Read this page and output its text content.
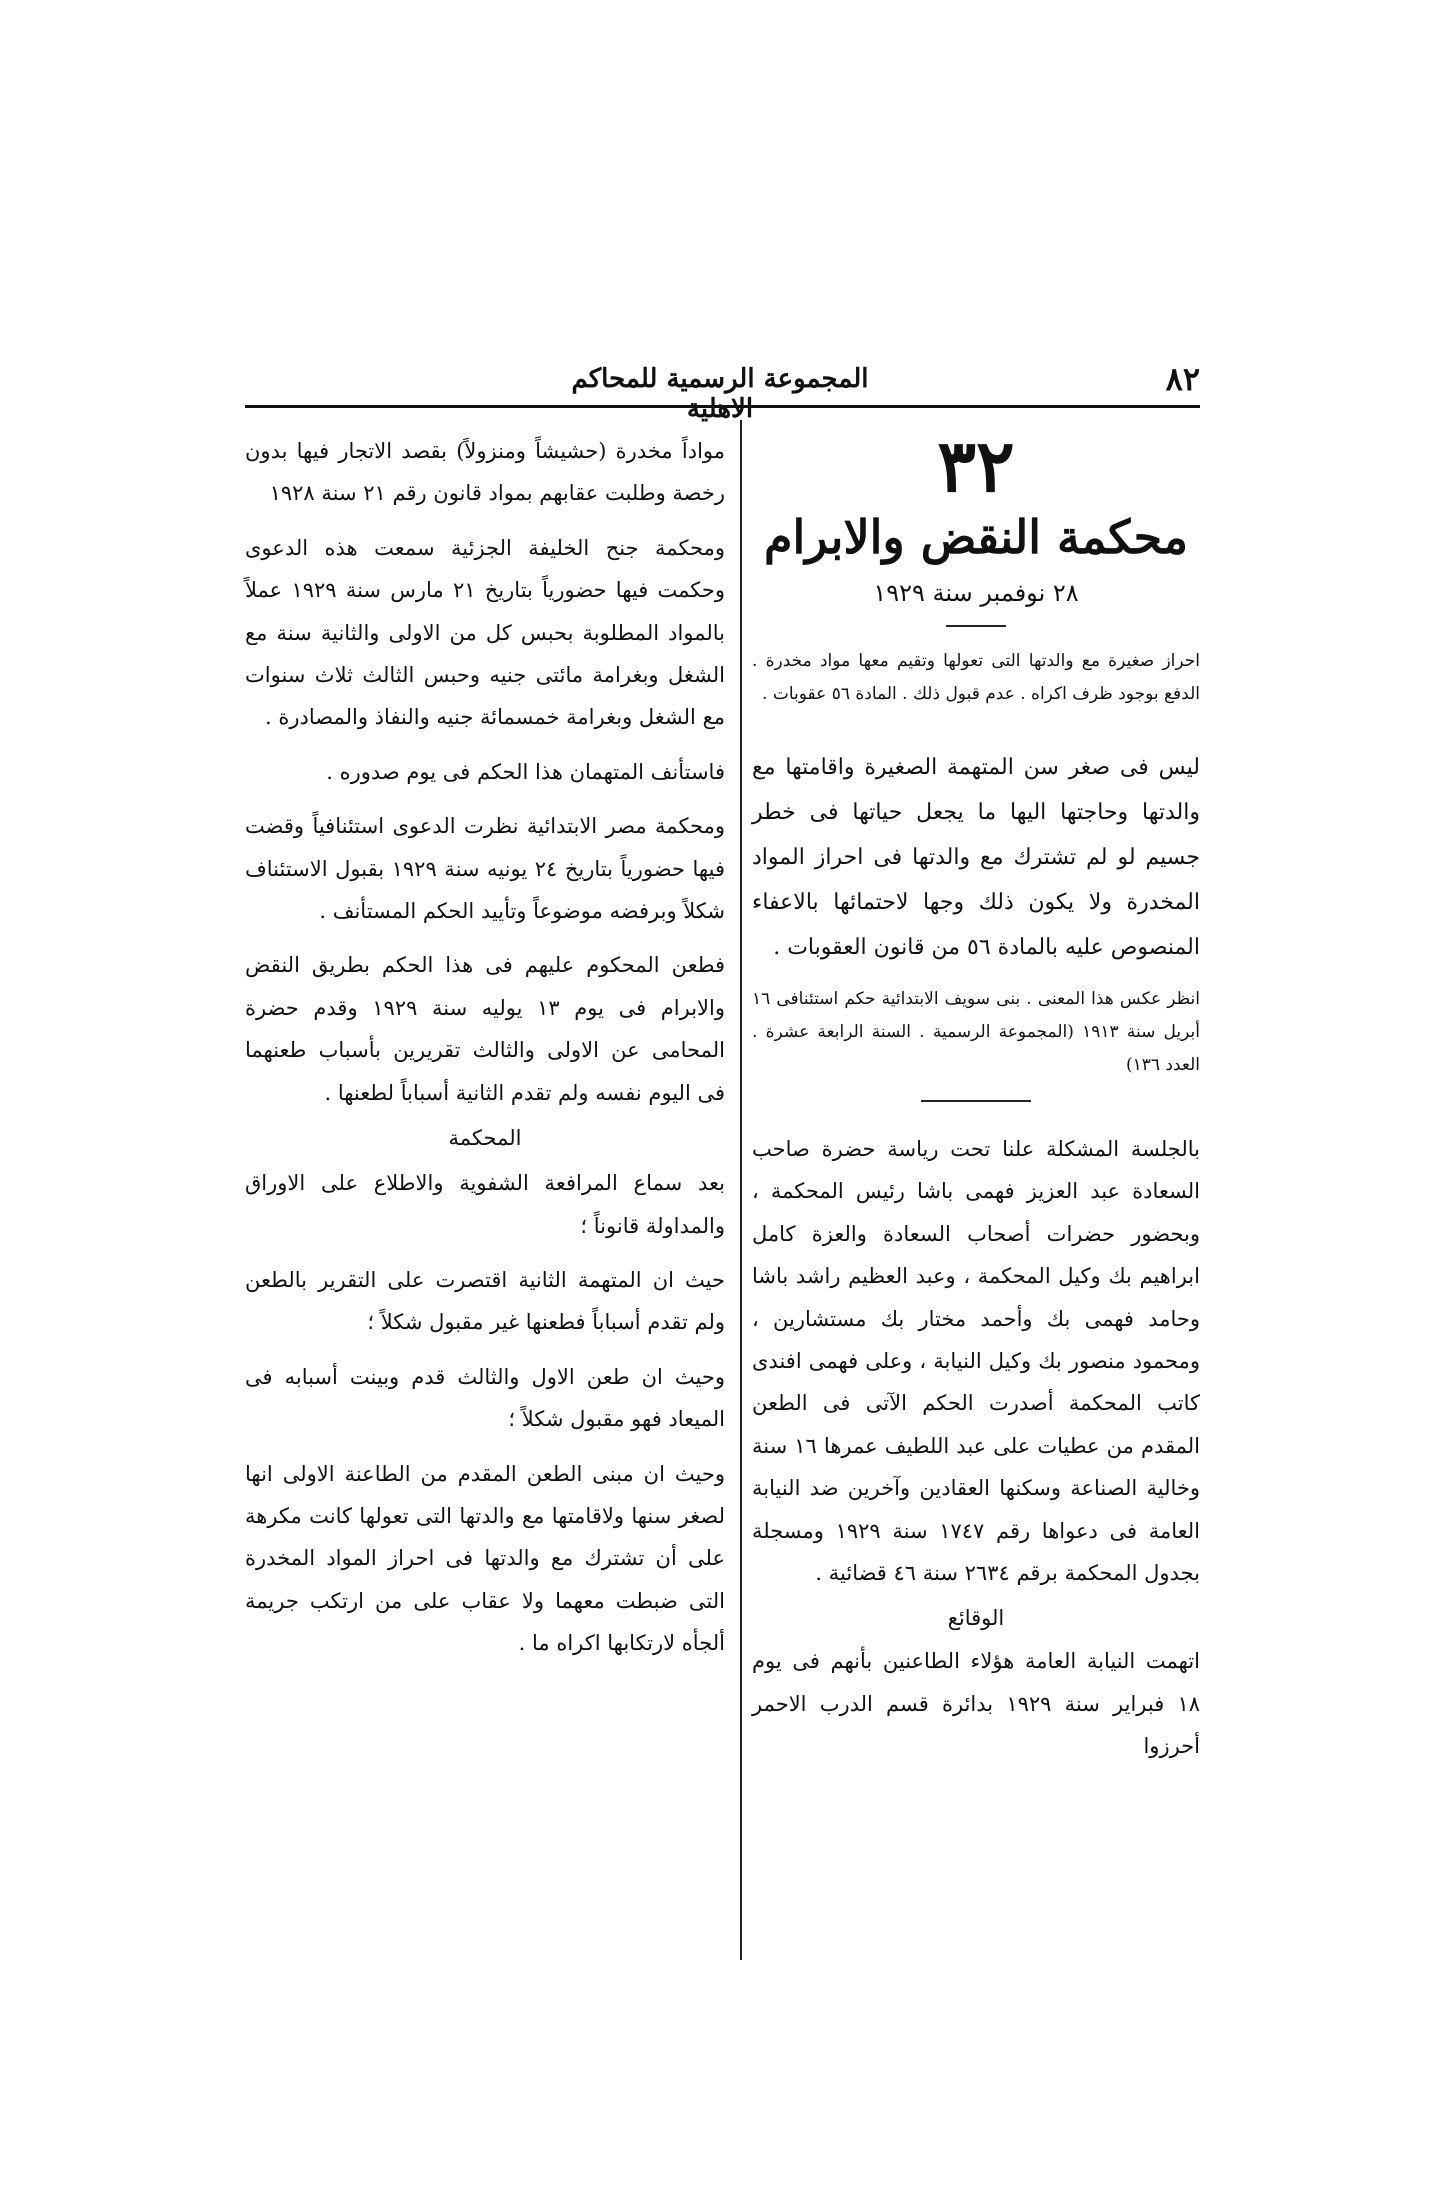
٨٢
المجموعة الرسمية للمحاكم الاهلية
٣٢
محكمة النقض والابرام
٢٨ نوفمبر سنة ١٩٢٩
احراز صغيرة مع والدتها التى تعولها وتقيم معها مواد مخدرة . الدفع بوجود ظرف اكراه . عدم قبول ذلك . المادة ٥٦ عقوبات .
ليس فى صغر سن المتهمة الصغيرة واقامتها مع والدتها وحاجتها اليها ما يجعل حياتها فى خطر جسيم لو لم تشترك مع والدتها فى احراز المواد المخدرة ولا يكون ذلك وجها لاحتمائها بالاعفاء المنصوص عليه بالمادة ٥٦ من قانون العقوبات .
انظر عكس هذا المعنى . بنى سويف الابتدائية حكم استئنافى ١٦ أبريل سنة ١٩١٣ (المجموعة الرسمية . السنة الرابعة عشرة . العدد ١٣٦)

بالجلسة المشكلة علنا تحت رياسة حضرة صاحب السعادة عبد العزيز فهمى باشا رئيس المحكمة ، وبحضور حضرات أصحاب السعادة والعزة كامل ابراهيم بك وكيل المحكمة ، وعبد العظيم راشد باشا وحامد فهمى بك وأحمد مختار بك مستشارين ، ومحمود منصور بك وكيل النيابة ، وعلى فهمى افندى كاتب المحكمة أصدرت الحكم الآتى فى الطعن المقدم من عطيات على عبد اللطيف عمرها ١٦ سنة وخالية الصناعة وسكنها العقادين وآخرين ضد النيابة العامة فى دعواها رقم ١٧٤٧ سنة ١٩٢٩ ومسجلة بجدول المحكمة برقم ٢٦٣٤ سنة ٤٦ قضائية .

الوقائع

اتهمت النيابة العامة هؤلاء الطاعنين بأنهم فى يوم ١٨ فبراير سنة ١٩٢٩ بدائرة قسم الدرب الاحمر أحرزوا

مواداً مخدرة (حشيشاً ومنزولاً) بقصد الاتجار فيها بدون رخصة وطلبت عقابهم بمواد قانون رقم ٢١ سنة ١٩٢٨

ومحكمة جنح الخليفة الجزئية سمعت هذه الدعوى وحكمت فيها حضورياً بتاريخ ٢١ مارس سنة ١٩٢٩ عملاً بالمواد المطلوبة بحبس كل من الاولى والثانية سنة مع الشغل وبغرامة مائتى جنيه وحبس الثالث ثلاث سنوات مع الشغل وبغرامة خمسمائة جنيه والنفاذ والمصادرة .

فاستأنف المتهمان هذا الحكم فى يوم صدوره .

ومحكمة مصر الابتدائية نظرت الدعوى استئنافياً وقضت فيها حضورياً بتاريخ ٢٤ يونيه سنة ١٩٢٩ بقبول الاستئناف شكلاً وبرفضه موضوعاً وتأييد الحكم المستأنف .

فطعن المحكوم عليهم فى هذا الحكم بطريق النقض والابرام فى يوم ١٣ يوليه سنة ١٩٢٩ وقدم حضرة المحامى عن الاولى والثالث تقريرين بأسباب طعنهما فى اليوم نفسه ولم تقدم الثانية أسباباً لطعنها .

المحكمة

بعد سماع المرافعة الشفوية والاطلاع على الاوراق والمداولة قانوناً ؛

حيث ان المتهمة الثانية اقتصرت على التقرير بالطعن ولم تقدم أسباباً فطعنها غير مقبول شكلاً ؛

وحيث ان طعن الاول والثالث قدم وبينت أسبابه فى الميعاد فهو مقبول شكلاً ؛

وحيث ان مبنى الطعن المقدم من الطاعنة الاولى انها لصغر سنها ولاقامتها مع والدتها التى تعولها كانت مكرهة على أن تشترك مع والدتها فى احراز المواد المخدرة التى ضبطت معهما ولا عقاب على من ارتكب جريمة ألجأه لارتكابها اكراه ما .
